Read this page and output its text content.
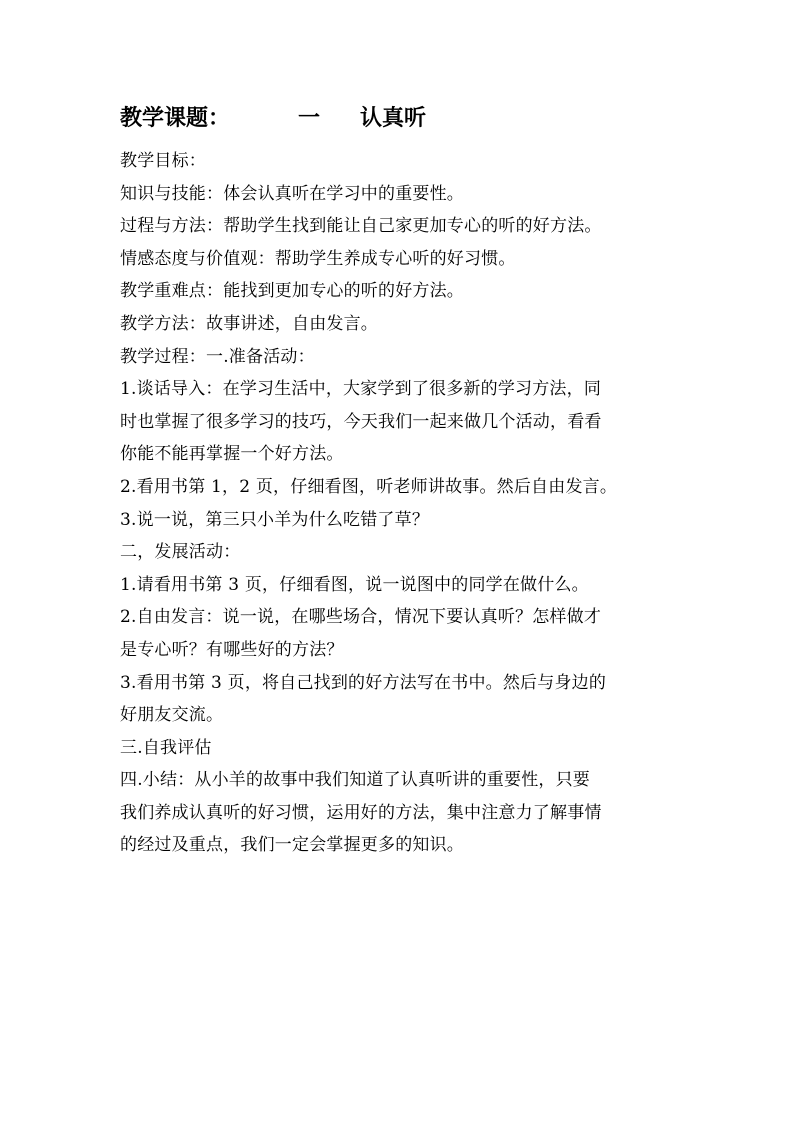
教学课题：	一 认真听
教学目标：
知识与技能：体会认真听在学习中的重要性。
过程与方法：帮助学生找到能让自己家更加专心的听的好方法。
情感态度与价值观：帮助学生养成专心听的好习惯。
教学重难点：能找到更加专心的听的好方法。
教学方法：故事讲述，自由发言。
教学过程：一.准备活动：
1.谈话导入：在学习生活中，大家学到了很多新的学习方法，同
时也掌握了很多学习的技巧，今天我们一起来做几个活动，看看
你能不能再掌握一个好方法。
2.看用书第 1，2 页，仔细看图，听老师讲故事。然后自由发言。
3.说一说，第三只小羊为什么吃错了草？
二，发展活动：
1.请看用书第 3 页，仔细看图，说一说图中的同学在做什么。
2.自由发言：说一说，在哪些场合，情况下要认真听？怎样做才
是专心听？有哪些好的方法？
3.看用书第 3 页，将自己找到的好方法写在书中。然后与身边的
好朋友交流。
三.自我评估
四.小结：从小羊的故事中我们知道了认真听讲的重要性，只要
我们养成认真听的好习惯，运用好的方法，集中注意力了解事情
的经过及重点，我们一定会掌握更多的知识。
